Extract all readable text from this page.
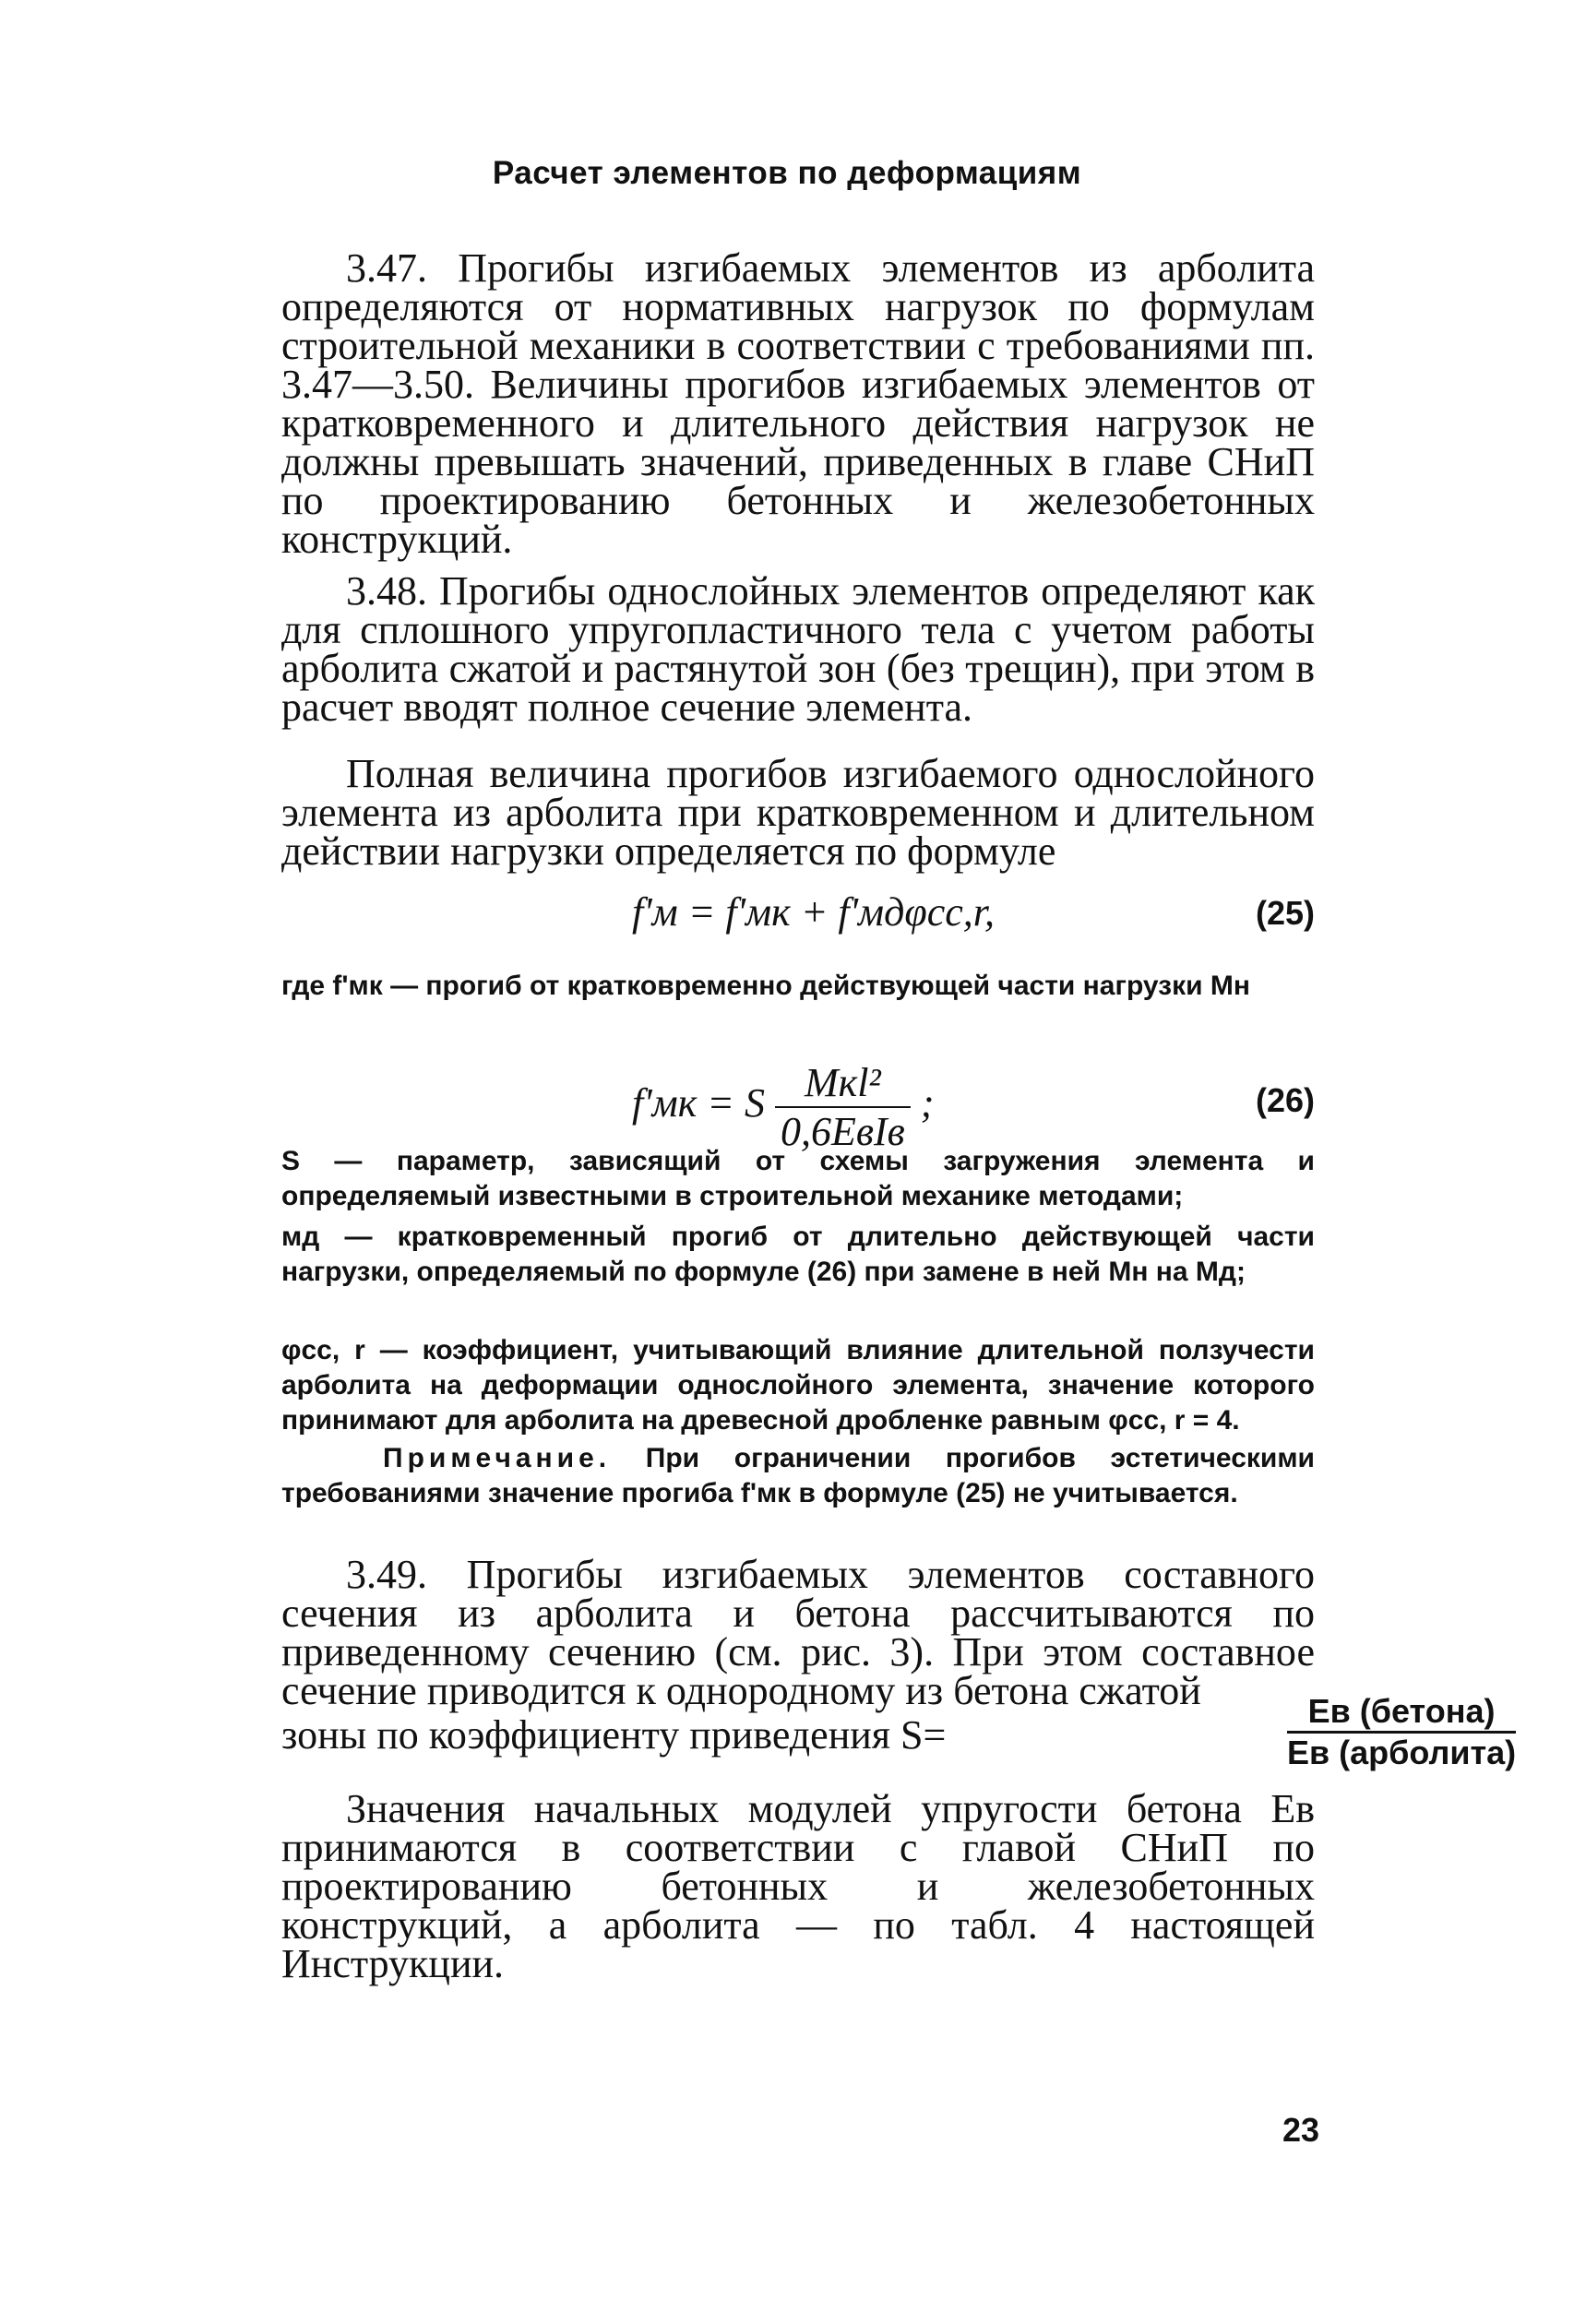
Расчет элементов по деформациям

3.47. Прогибы изгибаемых элементов из арболита определяются от нормативных нагрузок по формулам строительной механики в соответствии с требованиями пп. 3.47—3.50. Величины прогибов изгибаемых элементов от кратковременного и длительного действия нагрузок не должны превышать значений, приведенных в главе СНиП по проектированию бетонных и железобетонных конструкций.

3.48. Прогибы однослойных элементов определяют как для сплошного упругопластичного тела с учетом работы арболита сжатой и растянутой зон (без трещин), при этом в расчет вводят полное сечение элемента.

Полная величина прогибов изгибаемого однослойного элемента из арболита при кратковременном и длительном действии нагрузки определяется по формуле

f'м = f'мк + f'мдφcc,r,	(25)

где f'мк — прогиб от кратковременно действующей части нагрузки Мн

f'мк = S $\frac{\text{Мкl²}}{\text{0,6EвIв}}$ ;	(26)

S — параметр, зависящий от схемы загружения элемента и определяемый известными в строительной механике методами;

мд — кратковременный прогиб от длительно действующей части нагрузки, определяемый по формуле (26) при замене в ней Мн на Мд;

φcc, r — коэффициент, учитывающий влияние длительной ползучести арболита на деформации однослойного элемента, значение которого принимают для арболита на древесной дробленке равным φcc, r = 4.

Примечание. При ограничении прогибов эстетическими требованиями значение прогиба f'мк в формуле (25) не учитывается.

3.49. Прогибы изгибаемых элементов составного сечения из арболита и бетона рассчитываются по приведенному сечению (см. рис. 3). При этом составное сечение приводится к однородному из бетона сжатой

зоны по коэффициенту приведения S=
Eв (бетона)
Eв (арболита)

Значения начальных модулей упругости бетона Eв принимаются в соответствии с главой СНиП по проектированию бетонных и железобетонных конструкций, а арболита — по табл. 4 настоящей Инструкции.

23
